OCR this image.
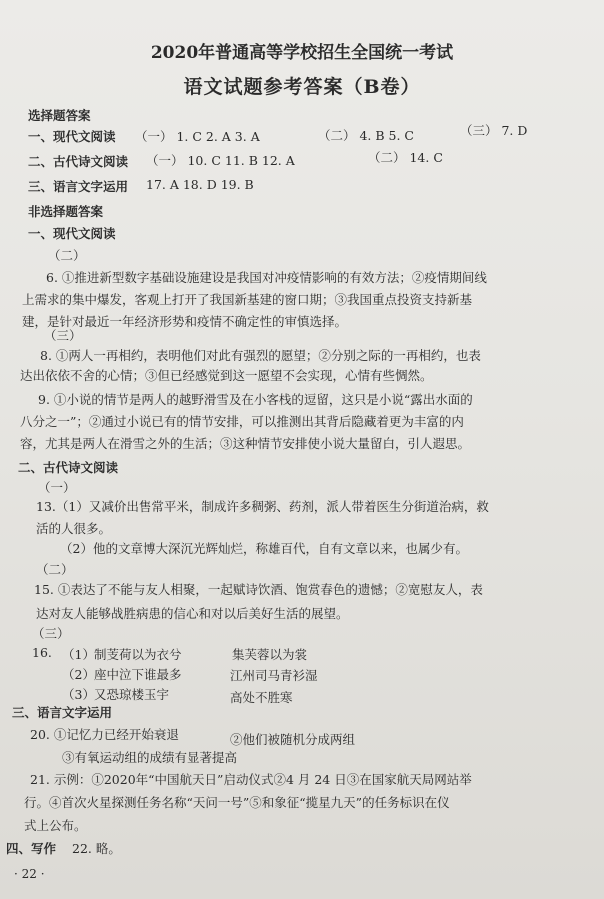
2020年普通高等学校招生全国统一考试
语文试题参考答案（B卷）
选择题答案
一、现代文阅读 （一） 1. C 2. A 3. A	（二） 4. B 5. C	（三） 7. D
二、古代诗文阅读 （一） 10. C 11. B 12. A	（二） 14. C
三、语言文字运用 17. A 18. D 19. B
非选择题答案
一、现代文阅读
（二）
6. ①推进新型数字基础设施建设是我国对冲疫情影响的有效方法；②疫情期间线
上需求的集中爆发，客观上打开了我国新基建的窗口期；③我国重点投资支持新基
建，是针对最近一年经济形势和疫情不确定性的审慎选择。
（三）
8. ①两人一再相约，表明他们对此有强烈的愿望；②分别之际的一再相约，也表
达出依依不舍的心情；③但已经感觉到这一愿望不会实现，心情有些惆然。
9. ①小说的情节是两人的越野滑雪及在小客栈的逗留，这只是小说“露出水面的
八分之一”；②通过小说已有的情节安排，可以推测出其背后隐藏着更为丰富的内
容，尤其是两人在滑雪之外的生活；③这种情节安排使小说大量留白，引人遐思。
二、古代诗文阅读
（一）
13.（1）又减价出售常平米，制成许多稠粥、药剂，派人带着医生分街道治病，救
活的人很多。
（2）他的文章博大深沉光辉灿烂，称雄百代，自有文章以来，也属少有。
（二）
15. ①表达了不能与友人相聚，一起赋诗饮酒、饱赏春色的遗憾；②宽慰友人，表
达对友人能够战胜病患的信心和对以后美好生活的展望。
（三）
16. （1） 制芰荷以为衣兮	集芙蓉以为裳
（2） 座中泣下谁最多	江州司马青衫湿
（3） 又恐琼楼玉宇	高处不胜寒
三、语言文字运用
20. ①记忆力已经开始衰退	②他们被随机分成两组
③有氧运动组的成绩有显著提高
21. 示例：①2020年“中国航天日”启动仪式②4 月 24 日③在国家航天局网站举
行。④首次火星探测任务名称“天问一号”⑤和象征“揽星九天”的任务标识在仪
式上公布。
四、写作 22. 略。
· 22 ·
